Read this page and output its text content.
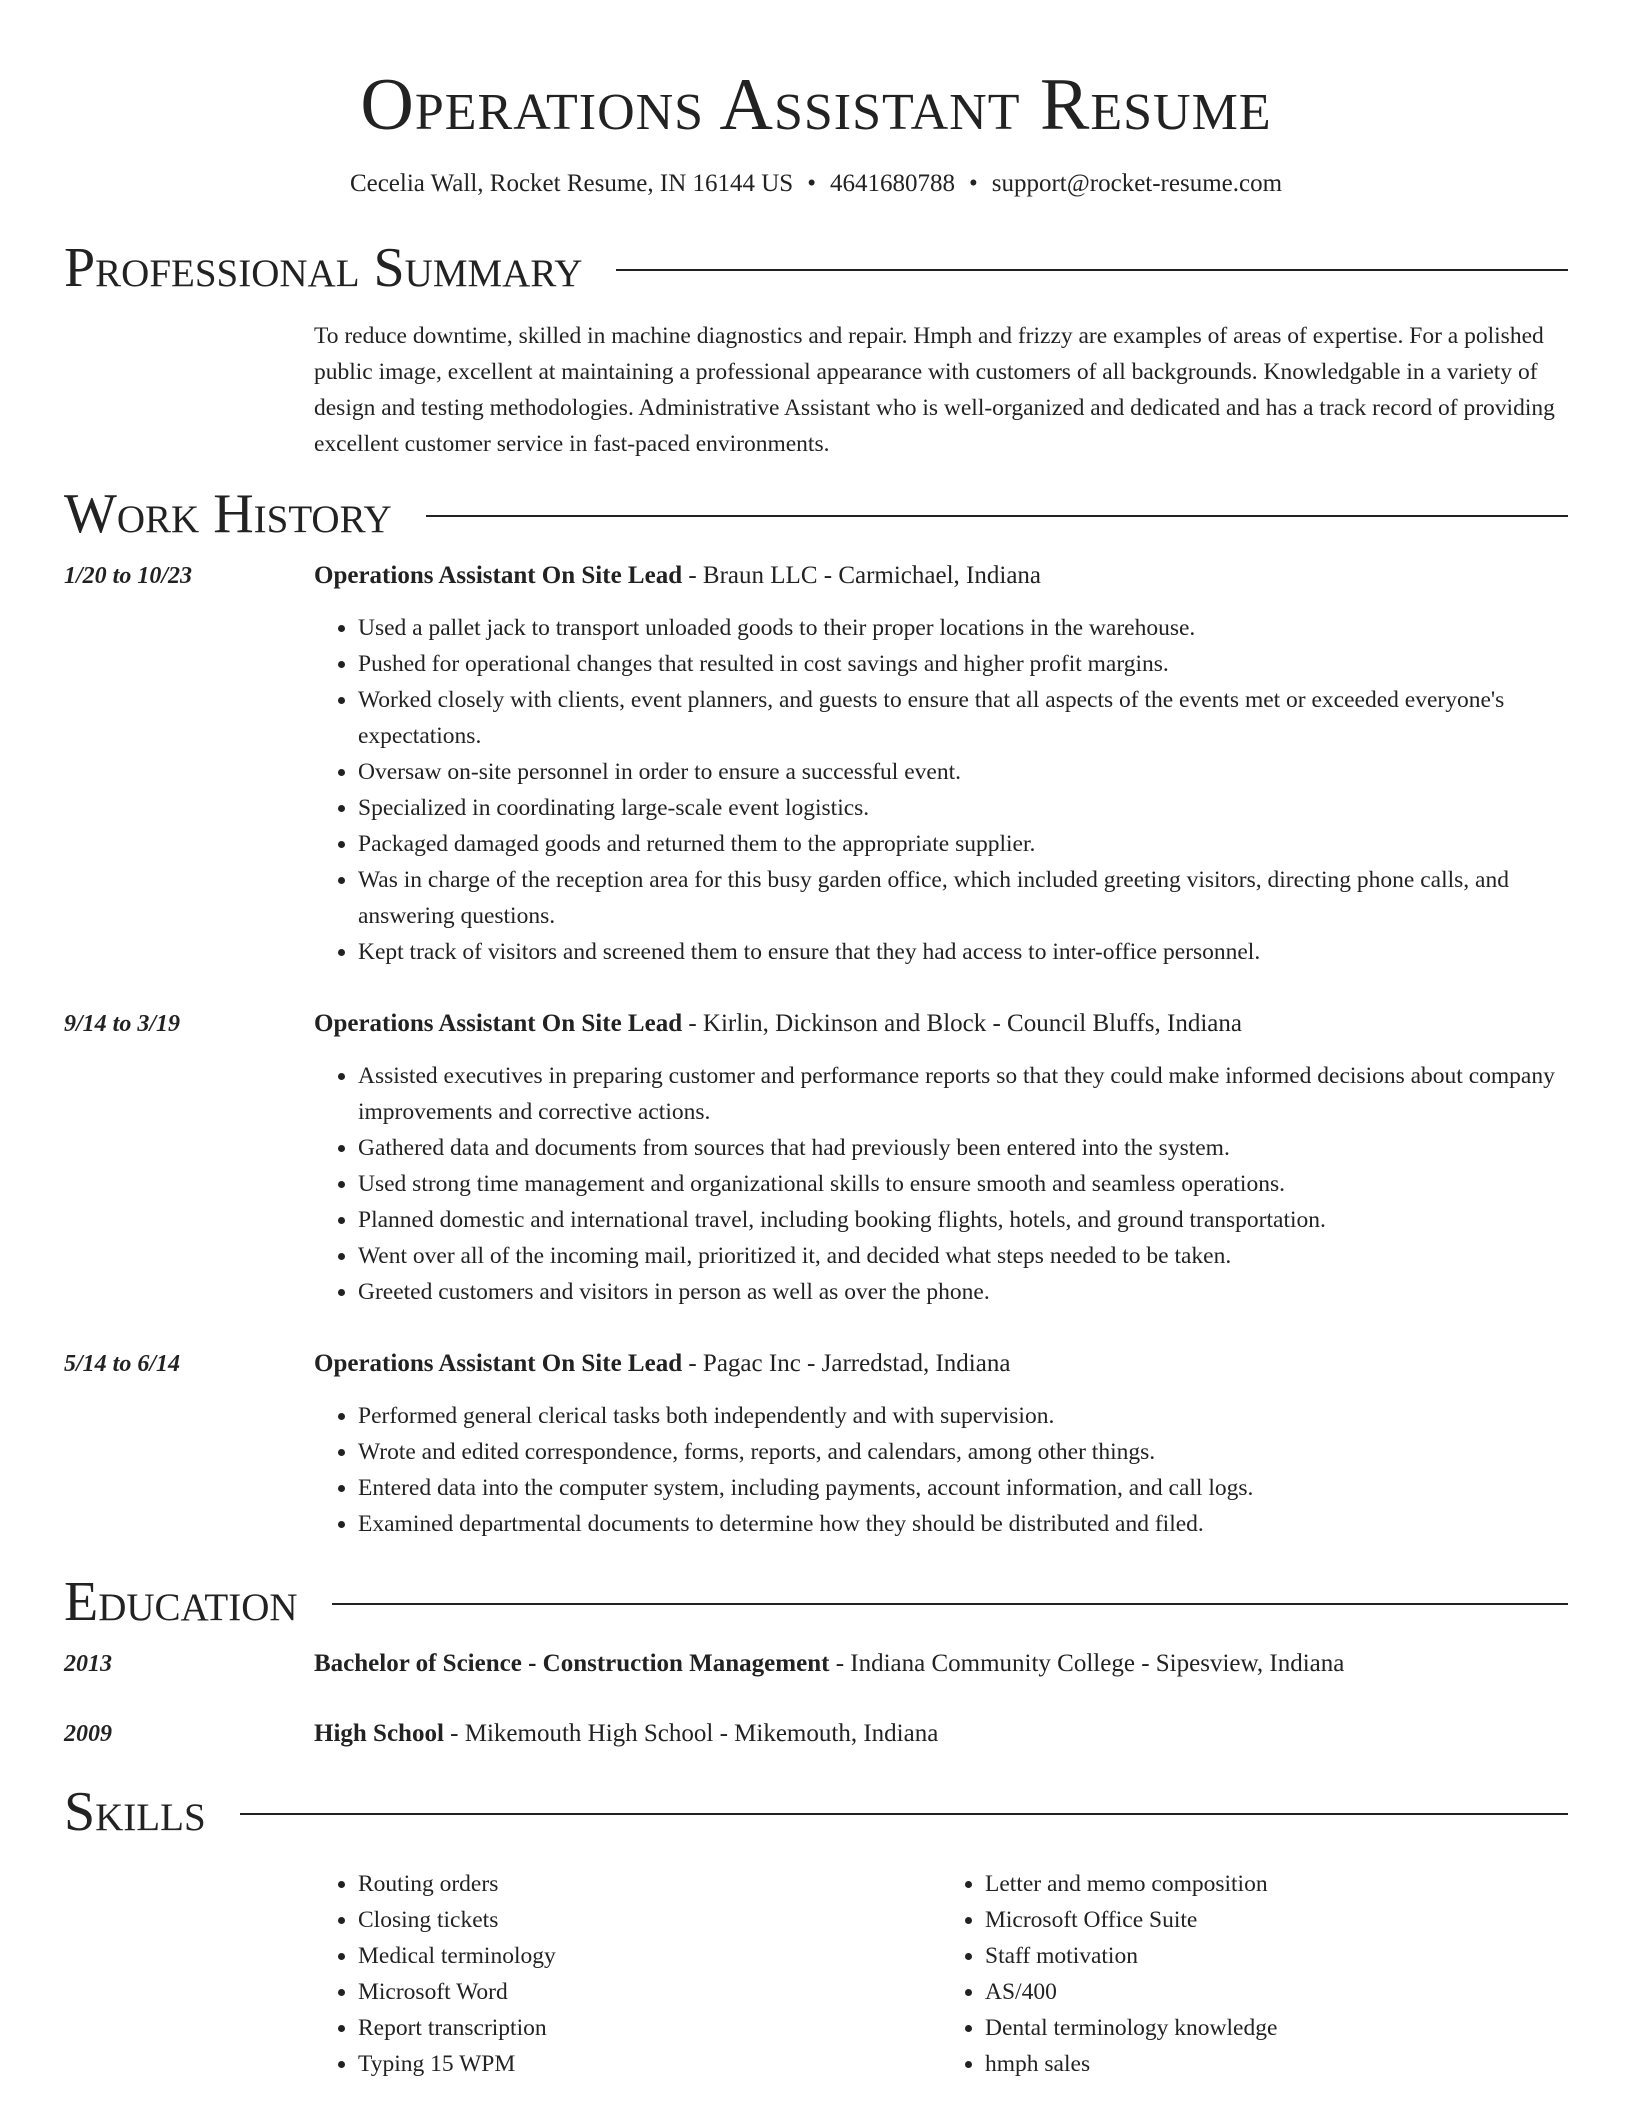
Operations Assistant Resume
Cecelia Wall, Rocket Resume, IN 16144 US • 4641680788 • support@rocket-resume.com
Professional Summary

To reduce downtime, skilled in machine diagnostics and repair. Hmph and frizzy are examples of areas of expertise. For a polished public image, excellent at maintaining a professional appearance with customers of all backgrounds. Knowledgable in a variety of design and testing methodologies. Administrative Assistant who is well-organized and dedicated and has a track record of providing excellent customer service in fast-paced environments.

Work History
1/20 to 10/23	Operations Assistant On Site Lead - Braun LLC - Carmichael, Indiana
• Used a pallet jack to transport unloaded goods to their proper locations in the warehouse.
• Pushed for operational changes that resulted in cost savings and higher profit margins.
• Worked closely with clients, event planners, and guests to ensure that all aspects of the events met or exceeded everyone's expectations.
• Oversaw on-site personnel in order to ensure a successful event.
• Specialized in coordinating large-scale event logistics.
• Packaged damaged goods and returned them to the appropriate supplier.
• Was in charge of the reception area for this busy garden office, which included greeting visitors, directing phone calls, and answering questions.
• Kept track of visitors and screened them to ensure that they had access to inter-office personnel.
9/14 to 3/19	Operations Assistant On Site Lead - Kirlin, Dickinson and Block - Council Bluffs, Indiana
• Assisted executives in preparing customer and performance reports so that they could make informed decisions about company improvements and corrective actions.
• Gathered data and documents from sources that had previously been entered into the system.
• Used strong time management and organizational skills to ensure smooth and seamless operations.
• Planned domestic and international travel, including booking flights, hotels, and ground transportation.
• Went over all of the incoming mail, prioritized it, and decided what steps needed to be taken.
• Greeted customers and visitors in person as well as over the phone.
5/14 to 6/14	Operations Assistant On Site Lead - Pagac Inc - Jarredstad, Indiana
• Performed general clerical tasks both independently and with supervision.
• Wrote and edited correspondence, forms, reports, and calendars, among other things.
• Entered data into the computer system, including payments, account information, and call logs.
• Examined departmental documents to determine how they should be distributed and filed.
Education
2013	Bachelor of Science - Construction Management - Indiana Community College - Sipesview, Indiana
2009	High School - Mikemouth High School - Mikemouth, Indiana
Skills
• Routing orders
• Closing tickets
• Medical terminology
• Microsoft Word
• Report transcription
• Typing 15 WPM
• Letter and memo composition
• Microsoft Office Suite
• Staff motivation
• AS/400
• Dental terminology knowledge
• hmph sales
